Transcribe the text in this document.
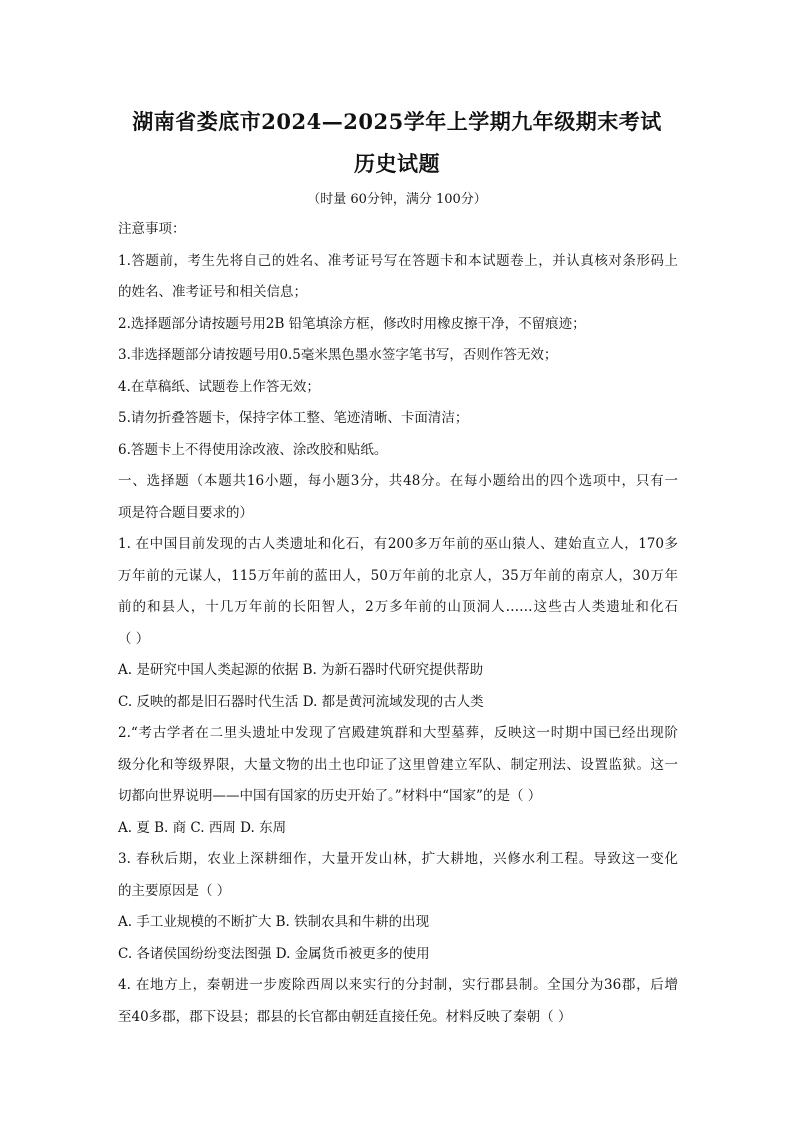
湖南省娄底市2024—2025学年上学期九年级期末考试
历史试题
（时量 60分钟，满分 100分）
注意事项：
1.答题前，考生先将自己的姓名、准考证号写在答题卡和本试题卷上，并认真核对条形码上
的姓名、准考证号和相关信息；
2.选择题部分请按题号用2B 铅笔填涂方框，修改时用橡皮擦干净，不留痕迹；
3.非选择题部分请按题号用0.5毫米黑色墨水签字笔书写，否则作答无效；
4.在草稿纸、试题卷上作答无效；
5.请勿折叠答题卡，保持字体工整、笔迹清晰、卡面清洁；
6.答题卡上不得使用涂改液、涂改胶和贴纸。
一、选择题（本题共16小题，每小题3分，共48分。在每小题给出的四个选项中，只有一
项是符合题目要求的）
1. 在中国目前发现的古人类遗址和化石，有200多万年前的巫山猿人、建始直立人，170多
万年前的元谋人，115万年前的蓝田人，50万年前的北京人，35万年前的南京人，30万年
前的和县人，十几万年前的长阳智人，2万多年前的山顶洞人……这些古人类遗址和化石
（ ）
A. 是研究中国人类起源的依据 B. 为新石器时代研究提供帮助
C. 反映的都是旧石器时代生活 D. 都是黄河流域发现的古人类
2.“考古学者在二里头遗址中发现了宫殿建筑群和大型墓葬，反映这一时期中国已经出现阶
级分化和等级界限，大量文物的出土也印证了这里曾建立军队、制定刑法、设置监狱。这一
切都向世界说明——中国有国家的历史开始了。”材料中“国家”的是（ ）
A. 夏 B. 商 C. 西周 D. 东周
3. 春秋后期，农业上深耕细作，大量开发山林，扩大耕地，兴修水利工程。导致这一变化
的主要原因是（ ）
A. 手工业规模的不断扩大 B. 铁制农具和牛耕的出现
C. 各诸侯国纷纷变法图强 D. 金属货币被更多的使用
4. 在地方上，秦朝进一步废除西周以来实行的分封制，实行郡县制。全国分为36郡，后增
至40多郡，郡下设县；郡县的长官都由朝廷直接任免。材料反映了秦朝（ ）
